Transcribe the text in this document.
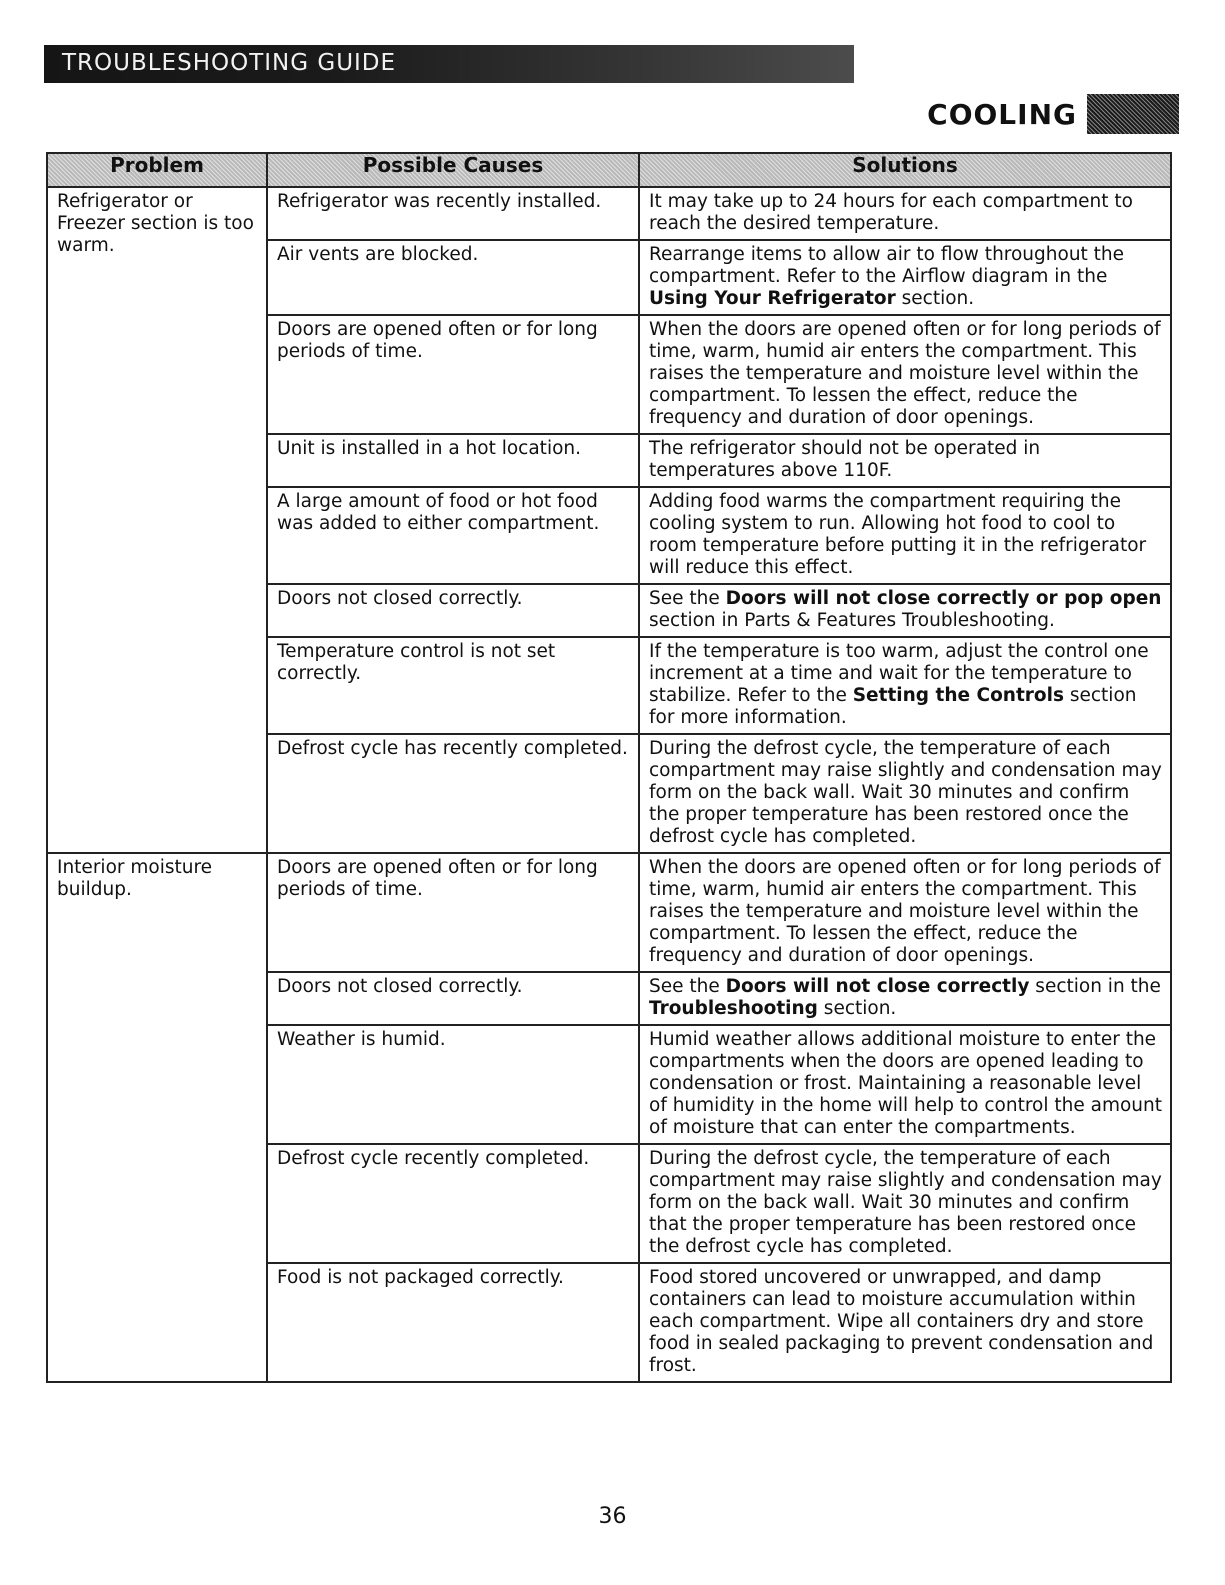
TROUBLESHOOTING GUIDE
COOLING
Problem	Possible Causes	Solutions
Refrigerator or Freezer section is too warm.	Refrigerator was recently installed.	It may take up to 24 hours for each compartment to reach the desired temperature.
	Air vents are blocked.	Rearrange items to allow air to flow throughout the compartment. Refer to the Airflow diagram in the Using Your Refrigerator section.
	Doors are opened often or for long periods of time.	When the doors are opened often or for long periods of time, warm, humid air enters the compartment. This raises the temperature and moisture level within the compartment. To lessen the effect, reduce the frequency and duration of door openings.
	Unit is installed in a hot location.	The refrigerator should not be operated in temperatures above 110F.
	A large amount of food or hot food was added to either compartment.	Adding food warms the compartment requiring the cooling system to run. Allowing hot food to cool to room temperature before putting it in the refrigerator will reduce this effect.
	Doors not closed correctly.	See the Doors will not close correctly or pop open section in Parts & Features Troubleshooting.
	Temperature control is not set correctly.	If the temperature is too warm, adjust the control one increment at a time and wait for the temperature to stabilize. Refer to the Setting the Controls section for more information.
	Defrost cycle has recently completed.	During the defrost cycle, the temperature of each compartment may raise slightly and condensation may form on the back wall. Wait 30 minutes and confirm the proper temperature has been restored once the defrost cycle has completed.
Interior moisture buildup.	Doors are opened often or for long periods of time.	When the doors are opened often or for long periods of time, warm, humid air enters the compartment. This raises the temperature and moisture level within the compartment. To lessen the effect, reduce the frequency and duration of door openings.
	Doors not closed correctly.	See the Doors will not close correctly section in the Troubleshooting section.
	Weather is humid.	Humid weather allows additional moisture to enter the compartments when the doors are opened leading to condensation or frost. Maintaining a reasonable level of humidity in the home will help to control the amount of moisture that can enter the compartments.
	Defrost cycle recently completed.	During the defrost cycle, the temperature of each compartment may raise slightly and condensation may form on the back wall. Wait 30 minutes and confirm that the proper temperature has been restored once the defrost cycle has completed.
	Food is not packaged correctly.	Food stored uncovered or unwrapped, and damp containers can lead to moisture accumulation within each compartment. Wipe all containers dry and store food in sealed packaging to prevent condensation and frost.
36
